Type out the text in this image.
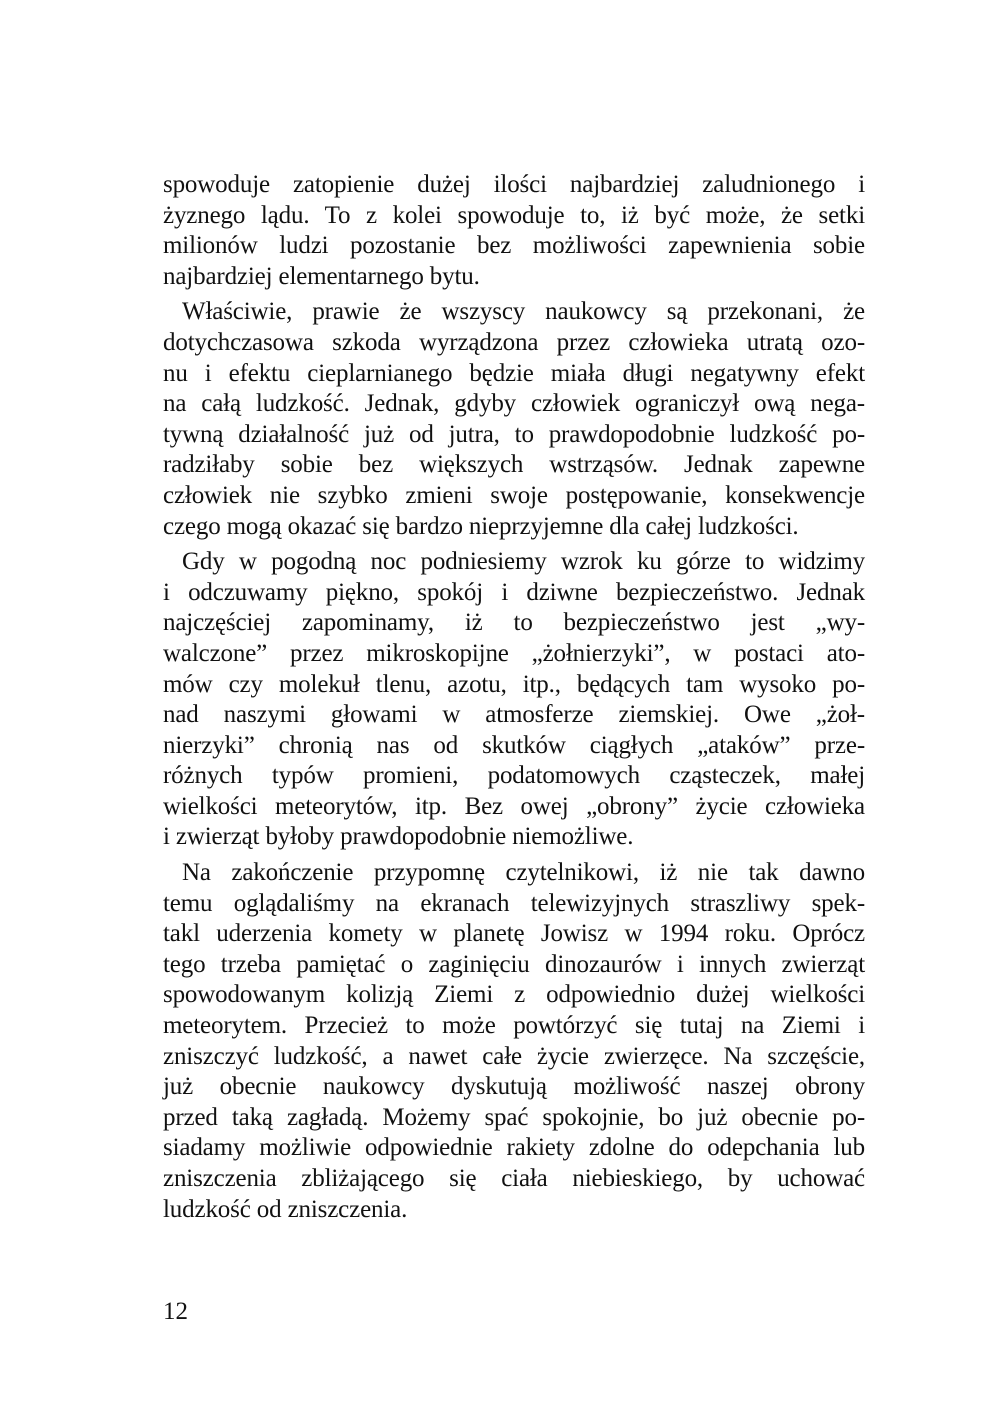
spowoduje zatopienie dużej ilości najbardziej zaludnionego i
żyznego lądu. To z kolei spowoduje to, iż być może, że setki
milionów ludzi pozostanie bez możliwości zapewnienia sobie
najbardziej elementarnego bytu.
Właściwie, prawie że wszyscy naukowcy są przekonani, że
dotychczasowa szkoda wyrządzona przez człowieka utratą ozo-
nu i efektu cieplarnianego będzie miała długi negatywny efekt
na całą ludzkość. Jednak, gdyby człowiek ograniczył ową nega-
tywną działalność już od jutra, to prawdopodobnie ludzkość po-
radziłaby sobie bez większych wstrząsów. Jednak zapewne
człowiek nie szybko zmieni swoje postępowanie, konsekwencje
czego mogą okazać się bardzo nieprzyjemne dla całej ludzkości.
Gdy w pogodną noc podniesiemy wzrok ku górze to widzimy
i odczuwamy piękno, spokój i dziwne bezpieczeństwo. Jednak
najczęściej zapominamy, iż to bezpieczeństwo jest „wy-
walczone” przez mikroskopijne „żołnierzyki”, w postaci ato-
mów czy molekuł tlenu, azotu, itp., będących tam wysoko po-
nad naszymi głowami w atmosferze ziemskiej. Owe „żoł-
nierzyki” chronią nas od skutków ciągłych „ataków” prze-
różnych typów promieni, podatomowych cząsteczek, małej
wielkości meteorytów, itp. Bez owej „obrony” życie człowieka
i zwierząt byłoby prawdopodobnie niemożliwe.
Na zakończenie przypomnę czytelnikowi, iż nie tak dawno
temu oglądaliśmy na ekranach telewizyjnych straszliwy spek-
takl uderzenia komety w planetę Jowisz w 1994 roku. Oprócz
tego trzeba pamiętać o zaginięciu dinozaurów i innych zwierząt
spowodowanym kolizją Ziemi z odpowiednio dużej wielkości
meteorytem. Przecież to może powtórzyć się tutaj na Ziemi i
zniszczyć ludzkość, a nawet całe życie zwierzęce. Na szczęście,
już obecnie naukowcy dyskutują możliwość naszej obrony
przed taką zagładą. Możemy spać spokojnie, bo już obecnie po-
siadamy możliwie odpowiednie rakiety zdolne do odepchania lub
zniszczenia zbliżającego się ciała niebieskiego, by uchować
ludzkość od zniszczenia.
12
